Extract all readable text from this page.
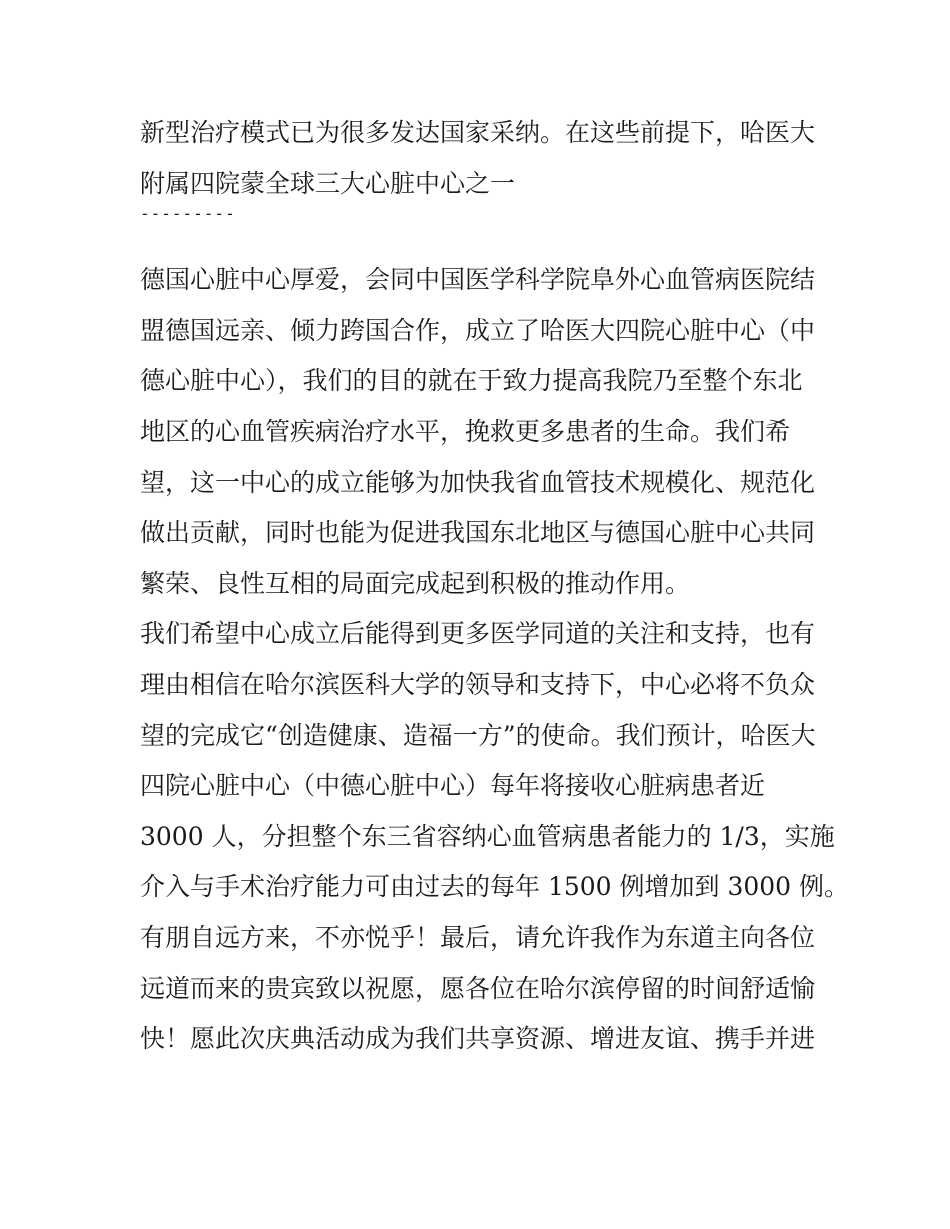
新型治疗模式已为很多发达国家采纳。在这些前提下，哈医大
附属四院蒙全球三大心脏中心之一
---------
德国心脏中心厚爱，会同中国医学科学院阜外心血管病医院结
盟德国远亲、倾力跨国合作，成立了哈医大四院心脏中心（中
德心脏中心），我们的目的就在于致力提高我院乃至整个东北
地区的心血管疾病治疗水平，挽救更多患者的生命。我们希
望，这一中心的成立能够为加快我省血管技术规模化、规范化
做出贡献，同时也能为促进我国东北地区与德国心脏中心共同
繁荣、良性互相的局面完成起到积极的推动作用。
我们希望中心成立后能得到更多医学同道的关注和支持，也有
理由相信在哈尔滨医科大学的领导和支持下，中心必将不负众
望的完成它“创造健康、造福一方”的使命。我们预计，哈医大
四院心脏中心（中德心脏中心）每年将接收心脏病患者近
3000 人，分担整个东三省容纳心血管病患者能力的 1/3，实施
介入与手术治疗能力可由过去的每年 1500 例增加到 3000 例。
有朋自远方来，不亦悦乎！最后，请允许我作为东道主向各位
远道而来的贵宾致以祝愿，愿各位在哈尔滨停留的时间舒适愉
快！愿此次庆典活动成为我们共享资源、增进友谊、携手并进
